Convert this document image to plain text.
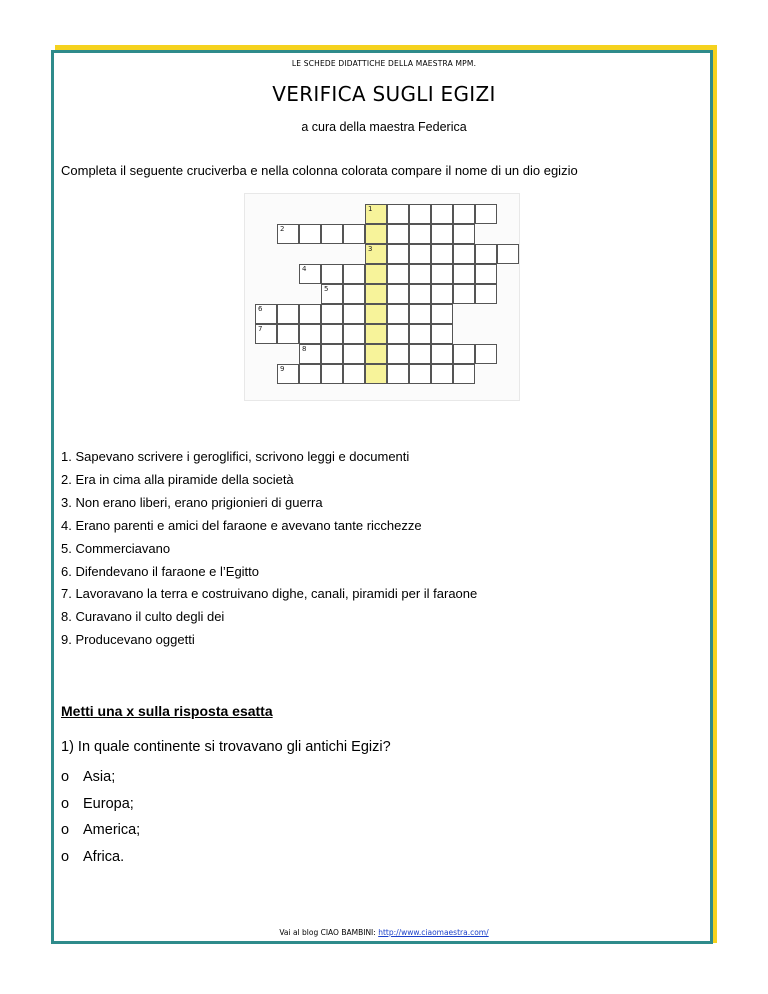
LE SCHEDE DIDATTICHE DELLA MAESTRA MPM.
VERIFICA SUGLI EGIZI
a cura della maestra Federica
Completa il seguente cruciverba e nella colonna colorata compare il nome di un dio egizio
1
2
3
4
5
6
7
8
9
1. Sapevano scrivere i geroglifici, scrivono leggi e documenti
2. Era in cima alla piramide della società
3. Non erano liberi, erano prigionieri di guerra
4. Erano parenti e amici del faraone e avevano tante ricchezze
5. Commerciavano
6. Difendevano il faraone e l’Egitto
7. Lavoravano la terra e costruivano dighe, canali, piramidi per il faraone
8. Curavano il culto degli dei
9. Producevano oggetti
Metti una x sulla risposta esatta
1) In quale continente si trovavano gli antichi Egizi?
o Asia;
o Europa;
o America;
o Africa.
Vai al blog CIAO BAMBINI: http://www.ciaomaestra.com/
